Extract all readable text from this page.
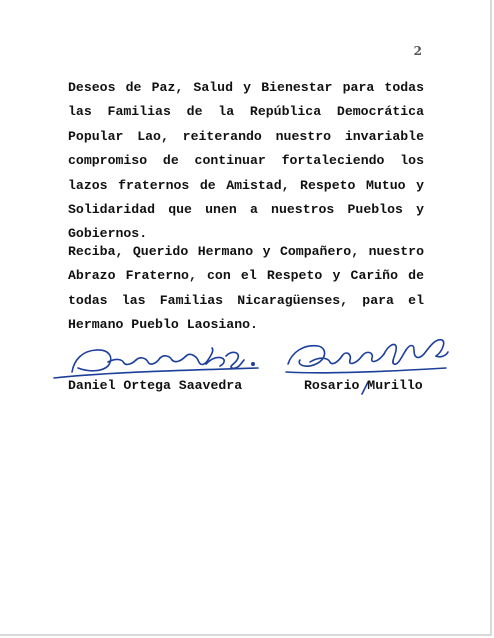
2

Deseos de Paz, Salud y Bienestar para todas las Familias de la República Democrática Popular Lao, reiterando nuestro invariable compromiso de continuar fortaleciendo los lazos fraternos de Amistad, Respeto Mutuo y Solidaridad que unen a nuestros Pueblos y Gobiernos.

Reciba, Querido Hermano y Compañero, nuestro Abrazo Fraterno, con el Respeto y Cariño de todas las Familias Nicaragüenses, para el Hermano Pueblo Laosiano.

Daniel Ortega Saavedra	Rosario Murillo
